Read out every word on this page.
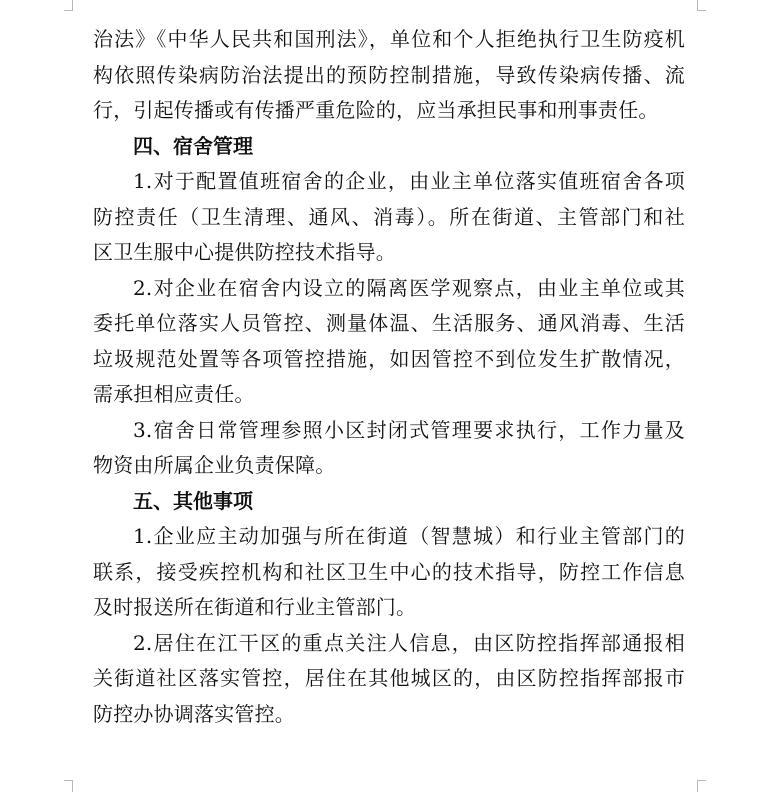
治法》《中华人民共和国刑法》，单位和个人拒绝执行卫生防疫机
构依照传染病防治法提出的预防控制措施，导致传染病传播、流
行，引起传播或有传播严重危险的，应当承担民事和刑事责任。
四、宿舍管理
1.对于配置值班宿舍的企业，由业主单位落实值班宿舍各项
防控责任（卫生清理、通风、消毒）。所在街道、主管部门和社
区卫生服中心提供防控技术指导。
2.对企业在宿舍内设立的隔离医学观察点，由业主单位或其
委托单位落实人员管控、测量体温、生活服务、通风消毒、生活
垃圾规范处置等各项管控措施，如因管控不到位发生扩散情况，
需承担相应责任。
3.宿舍日常管理参照小区封闭式管理要求执行，工作力量及
物资由所属企业负责保障。
五、其他事项
1.企业应主动加强与所在街道（智慧城）和行业主管部门的
联系，接受疾控机构和社区卫生中心的技术指导，防控工作信息
及时报送所在街道和行业主管部门。
2.居住在江干区的重点关注人信息，由区防控指挥部通报相
关街道社区落实管控，居住在其他城区的，由区防控指挥部报市
防控办协调落实管控。
